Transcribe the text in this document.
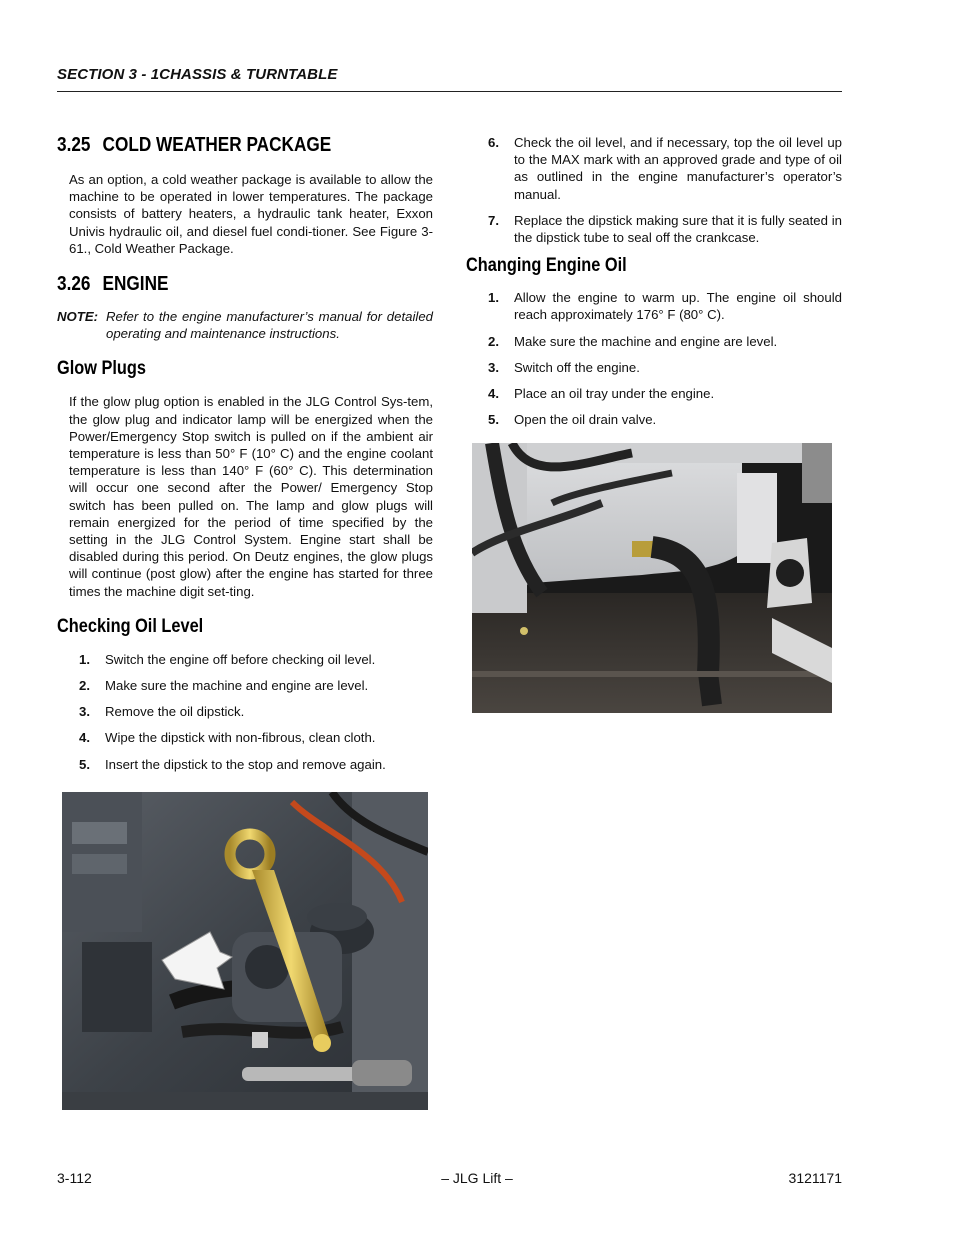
SECTION 3 - 1CHASSIS & TURNTABLE
3.25 COLD WEATHER PACKAGE

As an option, a cold weather package is available to allow the machine to be operated in lower temperatures. The package consists of battery heaters, a hydraulic tank heater, Exxon Univis hydraulic oil, and diesel fuel condi-tioner. See Figure 3-61., Cold Weather Package.

3.26 ENGINE
NOTE: Refer to the engine manufacturer’s manual for detailed operating and maintenance instructions.
Glow Plugs

If the glow plug option is enabled in the JLG Control Sys-tem, the glow plug and indicator lamp will be energized when the Power/Emergency Stop switch is pulled on if the ambient air temperature is less than 50° F (10° C) and the engine coolant temperature is less than 140° F (60° C). This determination will occur one second after the Power/ Emergency Stop switch has been pulled on. The lamp and glow plugs will remain energized for the period of time specified by the setting in the JLG Control System. Engine start shall be disabled during this period. On Deutz engines, the glow plugs will continue (post glow) after the engine has started for three times the machine digit set-ting.

Checking Oil Level
1.	Switch the engine off before checking oil level.
2.	Make sure the machine and engine are level.
3.	Remove the oil dipstick.
4.	Wipe the dipstick with non-fibrous, clean cloth.
5.	Insert the dipstick to the stop and remove again.
6.	Check the oil level, and if necessary, top the oil level up to the MAX mark with an approved grade and type of oil as outlined in the engine manufacturer’s operator’s manual.
7.	Replace the dipstick making sure that it is fully seated in the dipstick tube to seal off the crankcase.
Changing Engine Oil
1.	Allow the engine to warm up. The engine oil should reach approximately 176° F (80° C).
2.	Make sure the machine and engine are level.
3.	Switch off the engine.
4.	Place an oil tray under the engine.
5.	Open the oil drain valve.
3-112	– JLG Lift –	3121171
